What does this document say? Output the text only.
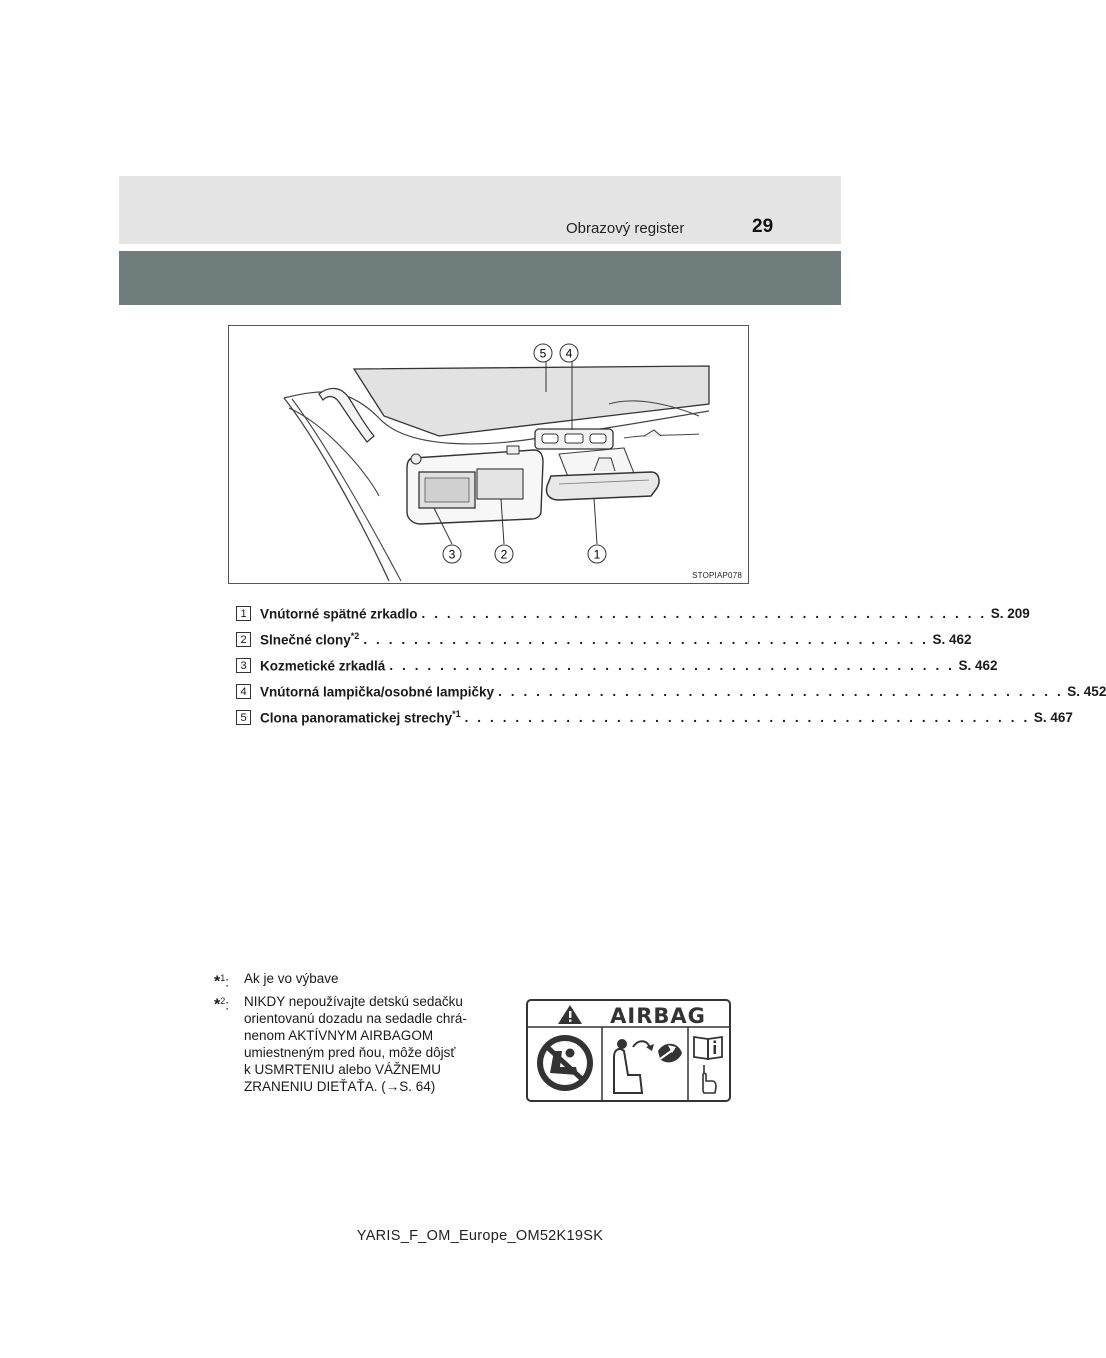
Obrazový register	29
5 4
3	2	1
STOPIAP078
1 Vnútorné spätné zrkadlo . . . . . . . . . . . . . . . . . . . . . . . . . . . . . . . . . . . . . . . . . . . . . S. 209
2 Slnečné clony$^{*2}$ . . . . . . . . . . . . . . . . . . . . . . . . . . . . . . . . . . . . . . . . . . . . . S. 462
3 Kozmetické zrkadlá . . . . . . . . . . . . . . . . . . . . . . . . . . . . . . . . . . . . . . . . . . . . . S. 462
4 Vnútorná lampička/osobné lampičky . . . . . . . . . . . . . . . . . . . . . . . . . . . . . . . . . . . . . . . . . . . . . S. 452
5 Clona panoramatickej strechy$^{*1}$ . . . . . . . . . . . . . . . . . . . . . . . . . . . . . . . . . . . . . . . . . . . . . S. 467
*$^1$:	Ak je vo výbave
*$^2$:	NIKDY nepoužívajte detskú sedačku
orientovanú dozadu na sedadle chrá-
nenom AKTÍVNYM AIRBAGOM
umiestneným pred ňou, môže dôjsť
k USMRTENIU alebo VÁŽNEMU
ZRANENIU DIEŤAŤA. (→S. 64)
AIRBAG
YARIS_F_OM_Europe_OM52K19SK
